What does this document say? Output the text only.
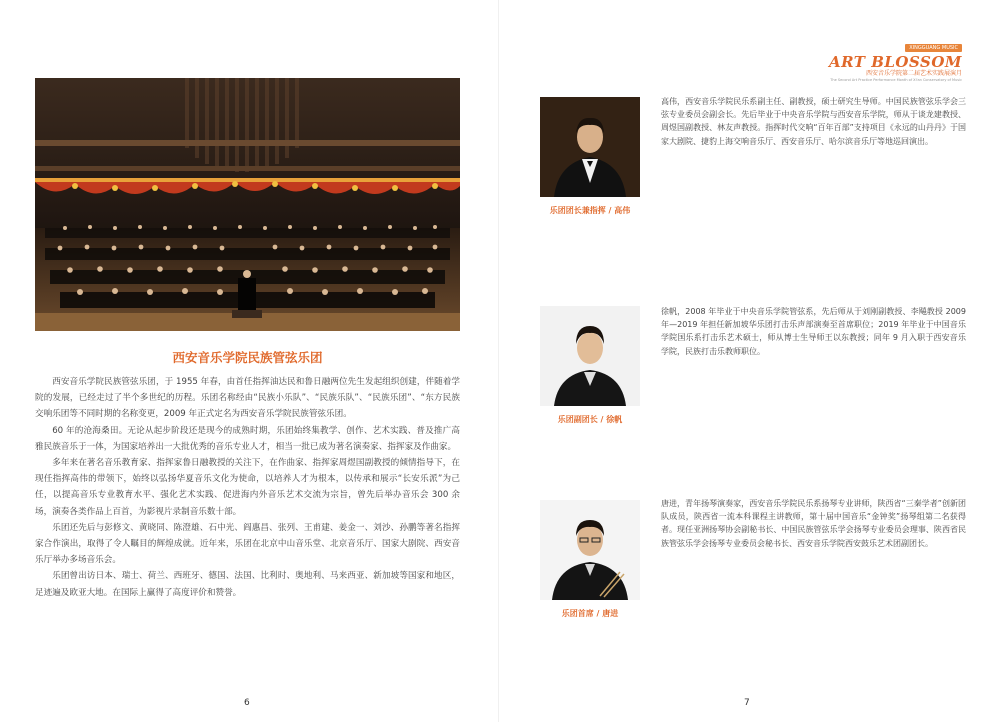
XINGGUANG MUSIC
ART BLOSSOM
西安音乐学院第二届艺术实践展演月
The Second Art Practice Performance Month of Xi'an Conservatory of Music
西安音乐学院民族管弦乐团

西安音乐学院民族管弦乐团，于 1955 年春，由首任指挥油达民和鲁日融两位先生发起组织创建，伴随着学院的发展，已经走过了半个多世纪的历程。乐团名称经由“民族小乐队”、“民族乐队”、“民族乐团”、“东方民族交响乐团等不同时期的名称变更，2009 年正式定名为西安音乐学院民族管弦乐团。

60 年的沧海桑田。无论从起步阶段还是现今的成熟时期，乐团始终集教学、创作、艺术实践、普及推广高雅民族音乐于一体，为国家培养出一大批优秀的音乐专业人才，相当一批已成为著名演奏家、指挥家及作曲家。

多年来在著名音乐教育家、指挥家鲁日融教授的关注下，在作曲家、指挥家周煜国副教授的倾情指导下，在现任指挥高伟的带领下，始终以弘扬华夏音乐文化为使命，以培养人才为根本，以传承和展示“长安乐派”为己任，以提高音乐专业教育水平、强化艺术实践、促进海内外音乐艺术交流为宗旨，曾先后举办音乐会 300 余场，演奏各类作品上百首，为影视片录制音乐数十部。

乐团还先后与彭修文、黄晓同、陈澄雄、石中光、阎惠昌、张列、王甫建、姜金一、刘沙、孙鹏等著名指挥家合作演出，取得了令人瞩目的辉煌成就。近年来，乐团在北京中山音乐堂、北京音乐厅、国家大剧院、西安音乐厅举办多场音乐会。

乐团曾出访日本、瑞士、荷兰、西班牙、德国、法国、比利时、奥地利、马来西亚、新加坡等国家和地区，足迹遍及欧亚大地。在国际上赢得了高度评价和赞誉。

乐团团长兼指挥 / 高伟
高伟，西安音乐学院民乐系副主任、副教授，硕士研究生导师。中国民族管弦乐学会三弦专业委员会副会长。先后毕业于中央音乐学院与西安音乐学院，师从于谈龙建教授、周煜国副教授、林友声教授。指挥时代交响“百年百部”支持项目《永远的山丹丹》于国家大剧院、捷豹上海交响音乐厅、西安音乐厅、哈尔滨音乐厅等地巡回演出。
乐团副团长 / 徐帆
徐帆，2008 年毕业于中央音乐学院管弦系，先后师从于刘刚副教授、李飚教授 2009 年—2019 年担任新加坡华乐团打击乐声部演奏至首席职位；2019 年毕业于中国音乐学院国乐系打击乐艺术硕士，师从博士生导师王以东教授；同年 9 月入职于西安音乐学院，民族打击乐教师职位。
乐团首席 / 唐进
唐进，青年扬琴演奏家，西安音乐学院民乐系扬琴专业讲师，陕西省“三秦学者”创新团队成员，陕西省一流本科课程主讲教师，第十届中国音乐“金钟奖”扬琴组第二名获得者。现任亚洲扬琴协会副秘书长、中国民族管弦乐学会扬琴专业委员会理事、陕西省民族管弦乐学会扬琴专业委员会秘书长、西安音乐学院西安鼓乐艺术团副团长。
6	7
